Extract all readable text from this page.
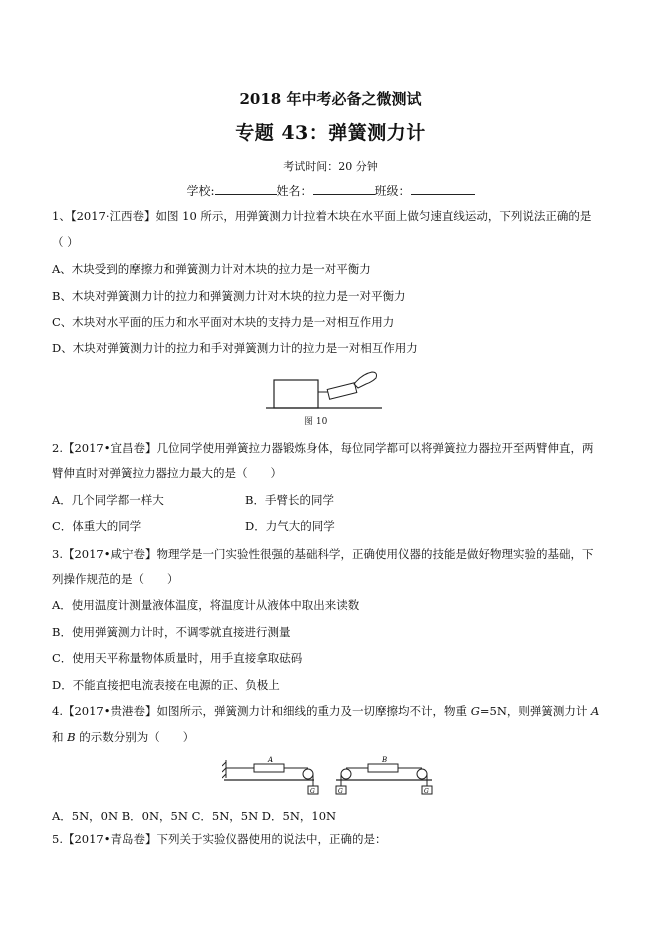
2018 年中考必备之微测试
专题 43：弹簧测力计
考试时间：20 分钟
学校:	姓名：	班级：
1、【2017·江西卷】如图 10 所示，用弹簧测力计拉着木块在水平面上做匀速直线运动，下列说法正确的是
（ ）
A、木块受到的摩擦力和弹簧测力计对木块的拉力是一对平衡力
B、木块对弹簧测力计的拉力和弹簧测力计对木块的拉力是一对平衡力
C、木块对水平面的压力和水平面对木块的支持力是一对相互作用力
D、木块对弹簧测力计的拉力和手对弹簧测力计的拉力是一对相互作用力
图 10
2.【2017•宜昌卷】几位同学使用弹簧拉力器锻炼身体，每位同学都可以将弹簧拉力器拉开至两臂伸直，两
臂伸直时对弹簧拉力器拉力最大的是（　　）
A．几个同学都一样大	B．手臂长的同学
C．体重大的同学	D．力气大的同学
3.【2017•咸宁卷】物理学是一门实验性很强的基础科学，正确使用仪器的技能是做好物理实验的基础，下
列操作规范的是（　　）
A．使用温度计测量液体温度，将温度计从液体中取出来读数
B．使用弹簧测力计时，不调零就直接进行测量
C．使用天平称量物体质量时，用手直接拿取砝码
D．不能直接把电流表接在电源的正、负极上
4.【2017•贵港卷】如图所示，弹簧测力计和细线的重力及一切摩擦均不计，物重 G=5N，则弹簧测力计 A
和 B 的示数分别为（　　）
A
G	G
B
G
A．5N，0N B．0N，5N C．5N，5N D．5N，10N
5.【2017•青岛卷】下列关于实验仪器使用的说法中，正确的是：
